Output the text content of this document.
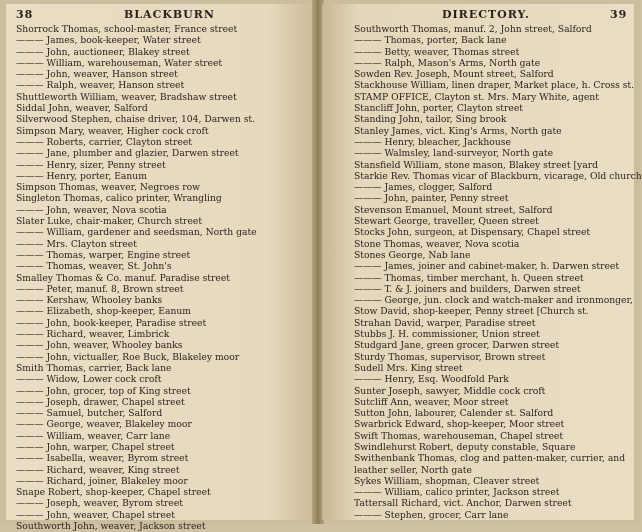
38	BLACKBURN
Shorrock Thomas, school-master, France street
——— James, book-keeper, Water street
——— John, auctioneer, Blakey street
——— William, warehouseman, Water street
——— John, weaver, Hanson street
——— Ralph, weaver, Hanson street
Shuttleworth William, weaver, Bradshaw street
Siddal John, weaver, Salford
Silverwood Stephen, chaise driver, 104, Darwen st.
Simpson Mary, weaver, Higher cock croft
——— Roberts, carrier, Clayton street
——— Jane, plumber and glazier, Darwen street
——— Henry, sizer, Penny street
——— Henry, porter, Eanum
Simpson Thomas, weaver, Negroes row
Singleton Thomas, calico printer, Wrangling
——— John, weaver, Nova scotia
Slater Luke, chair-maker, Church street
——— William, gardener and seedsman, North gate
——— Mrs. Clayton street
——— Thomas, warper, Engine street
——— Thomas, weaver, St. John's
Smalley Thomas & Co. manuf. Paradise street
——— Peter, manuf. 8, Brown street
——— Kershaw, Whooley banks
——— Elizabeth, shop-keeper, Eanum
——— John, book-keeper, Paradise street
——— Richard, weaver, Limbrick
——— John, weaver, Whooley banks
——— John, victualler, Roe Buck, Blakeley moor
Smith Thomas, carrier, Back lane
——— Widow, Lower cock croft
——— John, grocer, top of King street
——— Joseph, drawer, Chapel street
——— Samuel, butcher, Salford
——— George, weaver, Blakeley moor
——— William, weaver, Carr lane
——— John, warper, Chapel street
——— Isabella, weaver, Byrom street
——— Richard, weaver, King street
——— Richard, joiner, Blakeley moor
Snape Robert, shop-keeper, Chapel street
——— Joseph, weaver, Byrom street
——— John, weaver, Chapel street
Southworth John, weaver, Jackson street
DIRECTORY.	39
Southworth Thomas, manuf. 2, John street, Salford
——— Thomas, porter, Back lane
——— Betty, weaver, Thomas street
——— Ralph, Mason's Arms, North gate
Sowden Rev. Joseph, Mount street, Salford
Stackhouse William, linen draper, Market place, h. Cross st.
STAMP OFFICE, Clayton st. Mrs. Mary White, agent
Stancliff John, porter, Clayton street
Standing John, tailor, Sing brook
Stanley James, vict. King's Arms, North gate
——— Henry, bleacher, Jackhouse
——— Walmsley, land-surveyor, North gate
Stansfield William, stone mason, Blakey street [yard
Starkie Rev. Thomas vicar of Blackburn, vicarage, Old church
——— James, clogger, Salford
——— John, painter, Penny street
Stevenson Emanuel, Mount street, Salford
Stewart George, traveller, Queen street
Stocks John, surgeon, at Dispensary, Chapel street
Stone Thomas, weaver, Nova scotia
Stones George, Nab lane
——— James, joiner and cabinet-maker, h. Darwen street
——— Thomas, timber merchant, h. Queen street
——— T. & J. joiners and builders, Darwen street
——— George, jun. clock and watch-maker and ironmonger,
Stow David, shop-keeper, Penny street [Church st.
Strahan David, warper, Paradise street
Stubbs J. H. commissioner, Union street
Studgard Jane, green grocer, Darwen street
Sturdy Thomas, supervisor, Brown street
Sudell Mrs. King street
——— Henry, Esq. Woodfold Park
Sunter Joseph, sawyer, Middle cock croft
Sutcliff Ann, weaver, Moor street
Sutton John, labourer, Calender st. Salford
Swarbrick Edward, shop-keeper, Moor street
Swift Thomas, warehouseman, Chapel street
Swindlehurst Robert, deputy constable, Square
Swithenbank Thomas, clog and patten-maker, currier, and
leather seller, North gate
Sykes William, shopman, Cleaver street
——— William, calico printer, Jackson street
Tattersall Richard, vict. Anchor, Darwen street
——— Stephen, grocer, Carr lane
